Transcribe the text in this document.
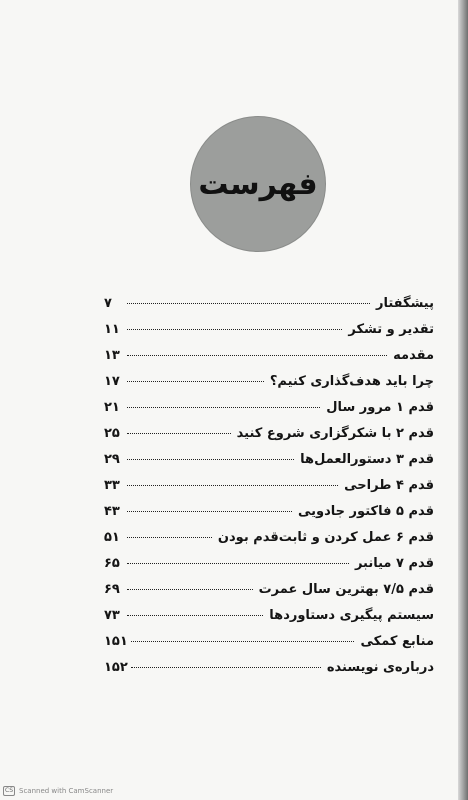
فهرست
پیشگفتار
۷
تقدیر و تشکر
۱۱
مقدمه
۱۳
چرا باید هدف‌گذاری کنیم؟
۱۷
قدم ۱ مرور سال
۲۱
قدم ۲ با شکرگزاری شروع کنید
۲۵
قدم ۳ دستورالعمل‌ها
۲۹
قدم ۴ طراحی
۳۳
قدم ۵ فاکتور جادویی
۴۳
قدم ۶ عمل کردن و ثابت‌قدم بودن
۵۱
قدم ۷ میانبر
۶۵
قدم ۷/۵ بهترین سال عمرت
۶۹
سیستم پیگیری دستاوردها
۷۳
منابع کمکی
۱۵۱
درباره‌ی نویسنده
۱۵۲
CS Scanned with CamScanner
